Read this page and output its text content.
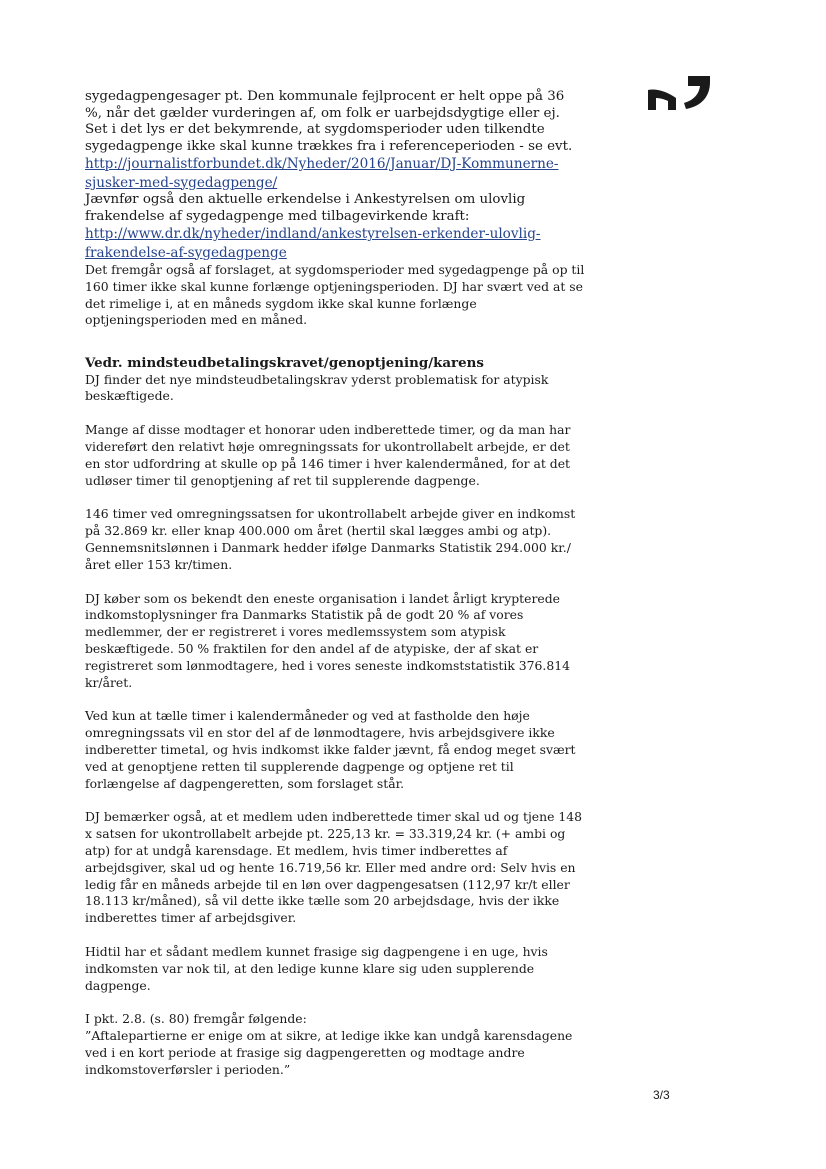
sygedagpengesager pt. Den kommunale fejlprocent er helt oppe på 36 %, når det gælder vurderingen af, om folk er uarbejdsdygtige eller ej. Set i det lys er det bekymrende, at sygdomsperioder uden tilkendte sygedagpenge ikke skal kunne trækkes fra i referenceperioden - se evt. http://journalistforbundet.dk/Nyheder/2016/Januar/DJ-Kommunerne-sjusker-med-sygedagpenge/

Jævnfør også den aktuelle erkendelse i Ankestyrelsen om ulovlig frakendelse af sygedagpenge med tilbagevirkende kraft: http://www.dr.dk/nyheder/indland/ankestyrelsen-erkender-ulovlig-frakendelse-af-sygedagpenge

Det fremgår også af forslaget, at sygdomsperioder med sygedagpenge på op til 160 timer ikke skal kunne forlænge optjeningsperioden. DJ har svært ved at se det rimelige i, at en måneds sygdom ikke skal kunne forlænge optjeningsperioden med en måned.

Vedr. mindsteudbetalingskravet/genoptjening/karens

DJ finder det nye mindsteudbetalingskrav yderst problematisk for atypisk beskæftigede.

Mange af disse modtager et honorar uden indberettede timer, og da man har videreført den relativt høje omregningssats for ukontrollabelt arbejde, er det en stor udfordring at skulle op på 146 timer i hver kalendermåned, for at det udløser timer til genoptjening af ret til supplerende dagpenge.

146 timer ved omregningssatsen for ukontrollabelt arbejde giver en indkomst på 32.869 kr. eller knap 400.000 om året (hertil skal lægges ambi og atp). Gennemsnitslønnen i Danmark hedder ifølge Danmarks Statistik 294.000 kr./året eller 153 kr/timen.

DJ køber som os bekendt den eneste organisation i landet årligt krypterede indkomstoplysninger fra Danmarks Statistik på de godt 20 % af vores medlemmer, der er registreret i vores medlemssystem som atypisk beskæftigede. 50 % fraktilen for den andel af de atypiske, der af skat er registreret som lønmodtagere, hed i vores seneste indkomststatistik 376.814 kr/året.

Ved kun at tælle timer i kalendermåneder og ved at fastholde den høje omregningssats vil en stor del af de lønmodtagere, hvis arbejdsgivere ikke indberetter timetal, og hvis indkomst ikke falder jævnt, få endog meget svært ved at genoptjene retten til supplerende dagpenge og optjene ret til forlængelse af dagpengeretten, som forslaget står.

DJ bemærker også, at et medlem uden indberettede timer skal ud og tjene 148 x satsen for ukontrollabelt arbejde pt. 225,13 kr. = 33.319,24 kr. (+ ambi og atp) for at undgå karensdage. Et medlem, hvis timer indberettes af arbejdsgiver, skal ud og hente 16.719,56 kr. Eller med andre ord: Selv hvis en ledig får en måneds arbejde til en løn over dagpengesatsen (112,97 kr/t eller 18.113 kr/måned), så vil dette ikke tælle som 20 arbejdsdage, hvis der ikke indberettes timer af arbejdsgiver.

Hidtil har et sådant medlem kunnet frasige sig dagpengene i en uge, hvis indkomsten var nok til, at den ledige kunne klare sig uden supplerende dagpenge.

I pkt. 2.8. (s. 80) fremgår følgende:

”Aftalepartierne er enige om at sikre, at ledige ikke kan undgå karensdagene ved i en kort periode at frasige sig dagpengeretten og modtage andre indkomstoverførsler i perioden.”

3/3
